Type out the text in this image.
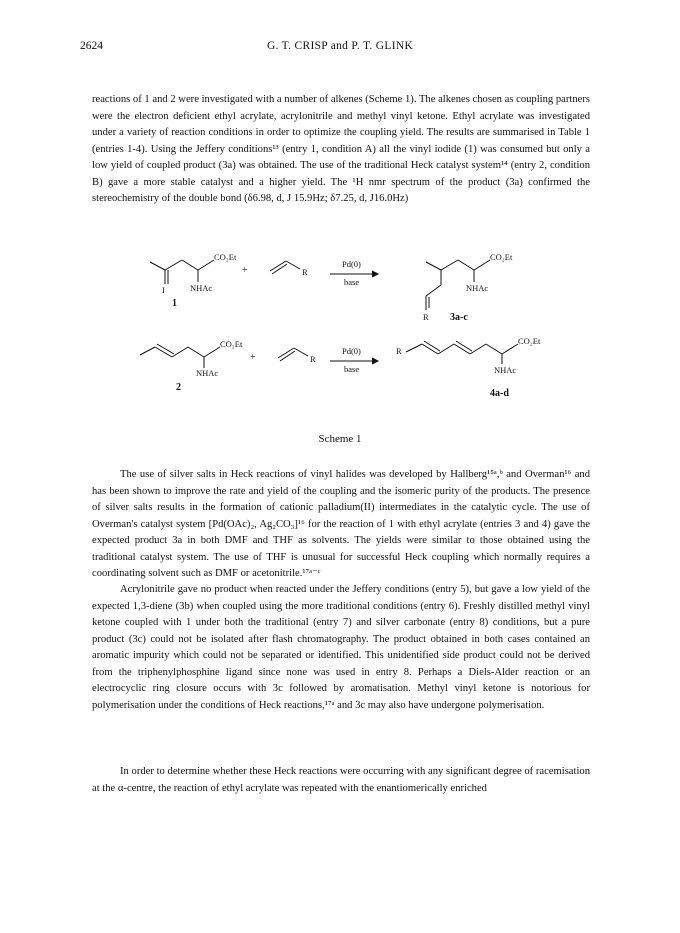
2624	G. T. CRISP and P. T. GLINK

reactions of 1 and 2 were investigated with a number of alkenes (Scheme 1). The alkenes chosen as coupling partners were the electron deficient ethyl acrylate, acrylonitrile and methyl vinyl ketone. Ethyl acrylate was investigated under a variety of reaction conditions in order to optimize the coupling yield. The results are summarised in Table 1 (entries 1-4). Using the Jeffery conditions¹³ (entry 1, condition A) all the vinyl iodide (1) was consumed but only a low yield of coupled product (3a) was obtained. The use of the traditional Heck catalyst system¹⁴ (entry 2, condition B) gave a more stable catalyst and a higher yield. The ¹H nmr spectrum of the product (3a) confirmed the stereochemistry of the double bond (δ6.98, d, J 15.9Hz; δ7.25, d, J16.0Hz)

CO₂Et
NHAc
I
1
+	R
Pd(0)
base
CO₂Et
NHAc
R 3a-c
CO₂Et
NHAc
2
+	R
Pd(0)
base
R
CO₂Et
NHAc
4a-d
Scheme 1

The use of silver salts in Heck reactions of vinyl halides was developed by Hallberg¹⁵ᵃ,ᵇ and Overman¹⁶ and has been shown to improve the rate and yield of the coupling and the isomeric purity of the products. The presence of silver salts results in the formation of cationic palladium(II) intermediates in the catalytic cycle. The use of Overman's catalyst system [Pd(OAc)₂, Ag₂CO₃]¹⁶ for the reaction of 1 with ethyl acrylate (entries 3 and 4) gave the expected product 3a in both DMF and THF as solvents. The yields were similar to those obtained using the traditional catalyst system. The use of THF is unusual for successful Heck coupling which normally requires a coordinating solvent such as DMF or acetonitrile.¹⁷ᵃ⁻ᶜ

Acrylonitrile gave no product when reacted under the Jeffery conditions (entry 5), but gave a low yield of the expected 1,3-diene (3b) when coupled using the more traditional conditions (entry 6). Freshly distilled methyl vinyl ketone coupled with 1 under both the traditional (entry 7) and silver carbonate (entry 8) conditions, but a pure product (3c) could not be isolated after flash chromatography. The product obtained in both cases contained an aromatic impurity which could not be separated or identified. This unidentified side product could not be derived from the triphenylphosphine ligand since none was used in entry 8. Perhaps a Diels-Alder reaction or an electrocyclic ring closure occurs with 3c followed by aromatisation. Methyl vinyl ketone is notorious for polymerisation under the conditions of Heck reactions,¹⁷ᵃ and 3c may also have undergone polymerisation.

In order to determine whether these Heck reactions were occurring with any significant degree of racemisation at the α-centre, the reaction of ethyl acrylate was repeated with the enantiomerically enriched
